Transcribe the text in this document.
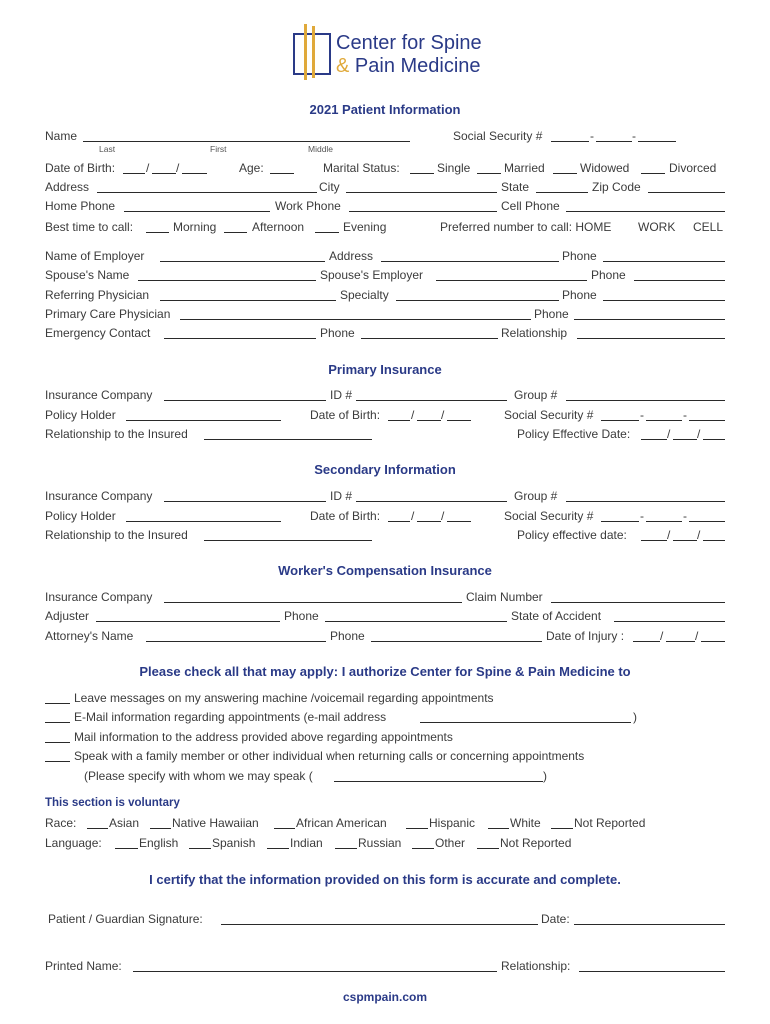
Center for Spine
& Pain Medicine
2021 Patient Information
Name
Last	First	Middle
Social Security #	-	-
Date of Birth:	/ /	Age:	Marital Status:	Single	Married	Widowed	Divorced
Address	City	State	Zip Code
Home Phone	Work Phone	Cell Phone
Best time to call:	Morning	Afternoon	Evening	Preferred number to call: HOME WORK CELL
Name of Employer	Address	Phone
Spouse's Name	Spouse's Employer	Phone
Referring Physician	Specialty	Phone
Primary Care Physician	Phone
Emergency Contact	Phone	Relationship
Primary Insurance
Insurance Company	ID #	Group #
Policy Holder	Date of Birth:	/ /	Social Security #	-	-
Relationship to the Insured	Policy Effective Date:	/ /
Secondary Information
Insurance Company	ID #	Group #
Policy Holder	Date of Birth:	/ /	Social Security #	-	-
Relationship to the Insured	Policy effective date:	/ /
Worker's Compensation Insurance
Insurance Company	Claim Number
Adjuster	Phone	State of Accident
Attorney's Name	Phone	Date of Injury :	/	/
Please check all that may apply: I authorize Center for Spine & Pain Medicine to
Leave messages on my answering machine /voicemail regarding appointments
E-Mail information regarding appointments (e-mail address	)
Mail information to the address provided above regarding appointments
Speak with a family member or other individual when returning calls or concerning appointments
(Please specify with whom we may speak (	)
This section is voluntary
Race:	Asian	Native Hawaiian	African American	Hispanic	White	Not Reported
Language:	English	Spanish	Indian	Russian	Other	Not Reported
I certify that the information provided on this form is accurate and complete.
Patient / Guardian Signature:	Date:
Printed Name:	Relationship:
cspmpain.com
